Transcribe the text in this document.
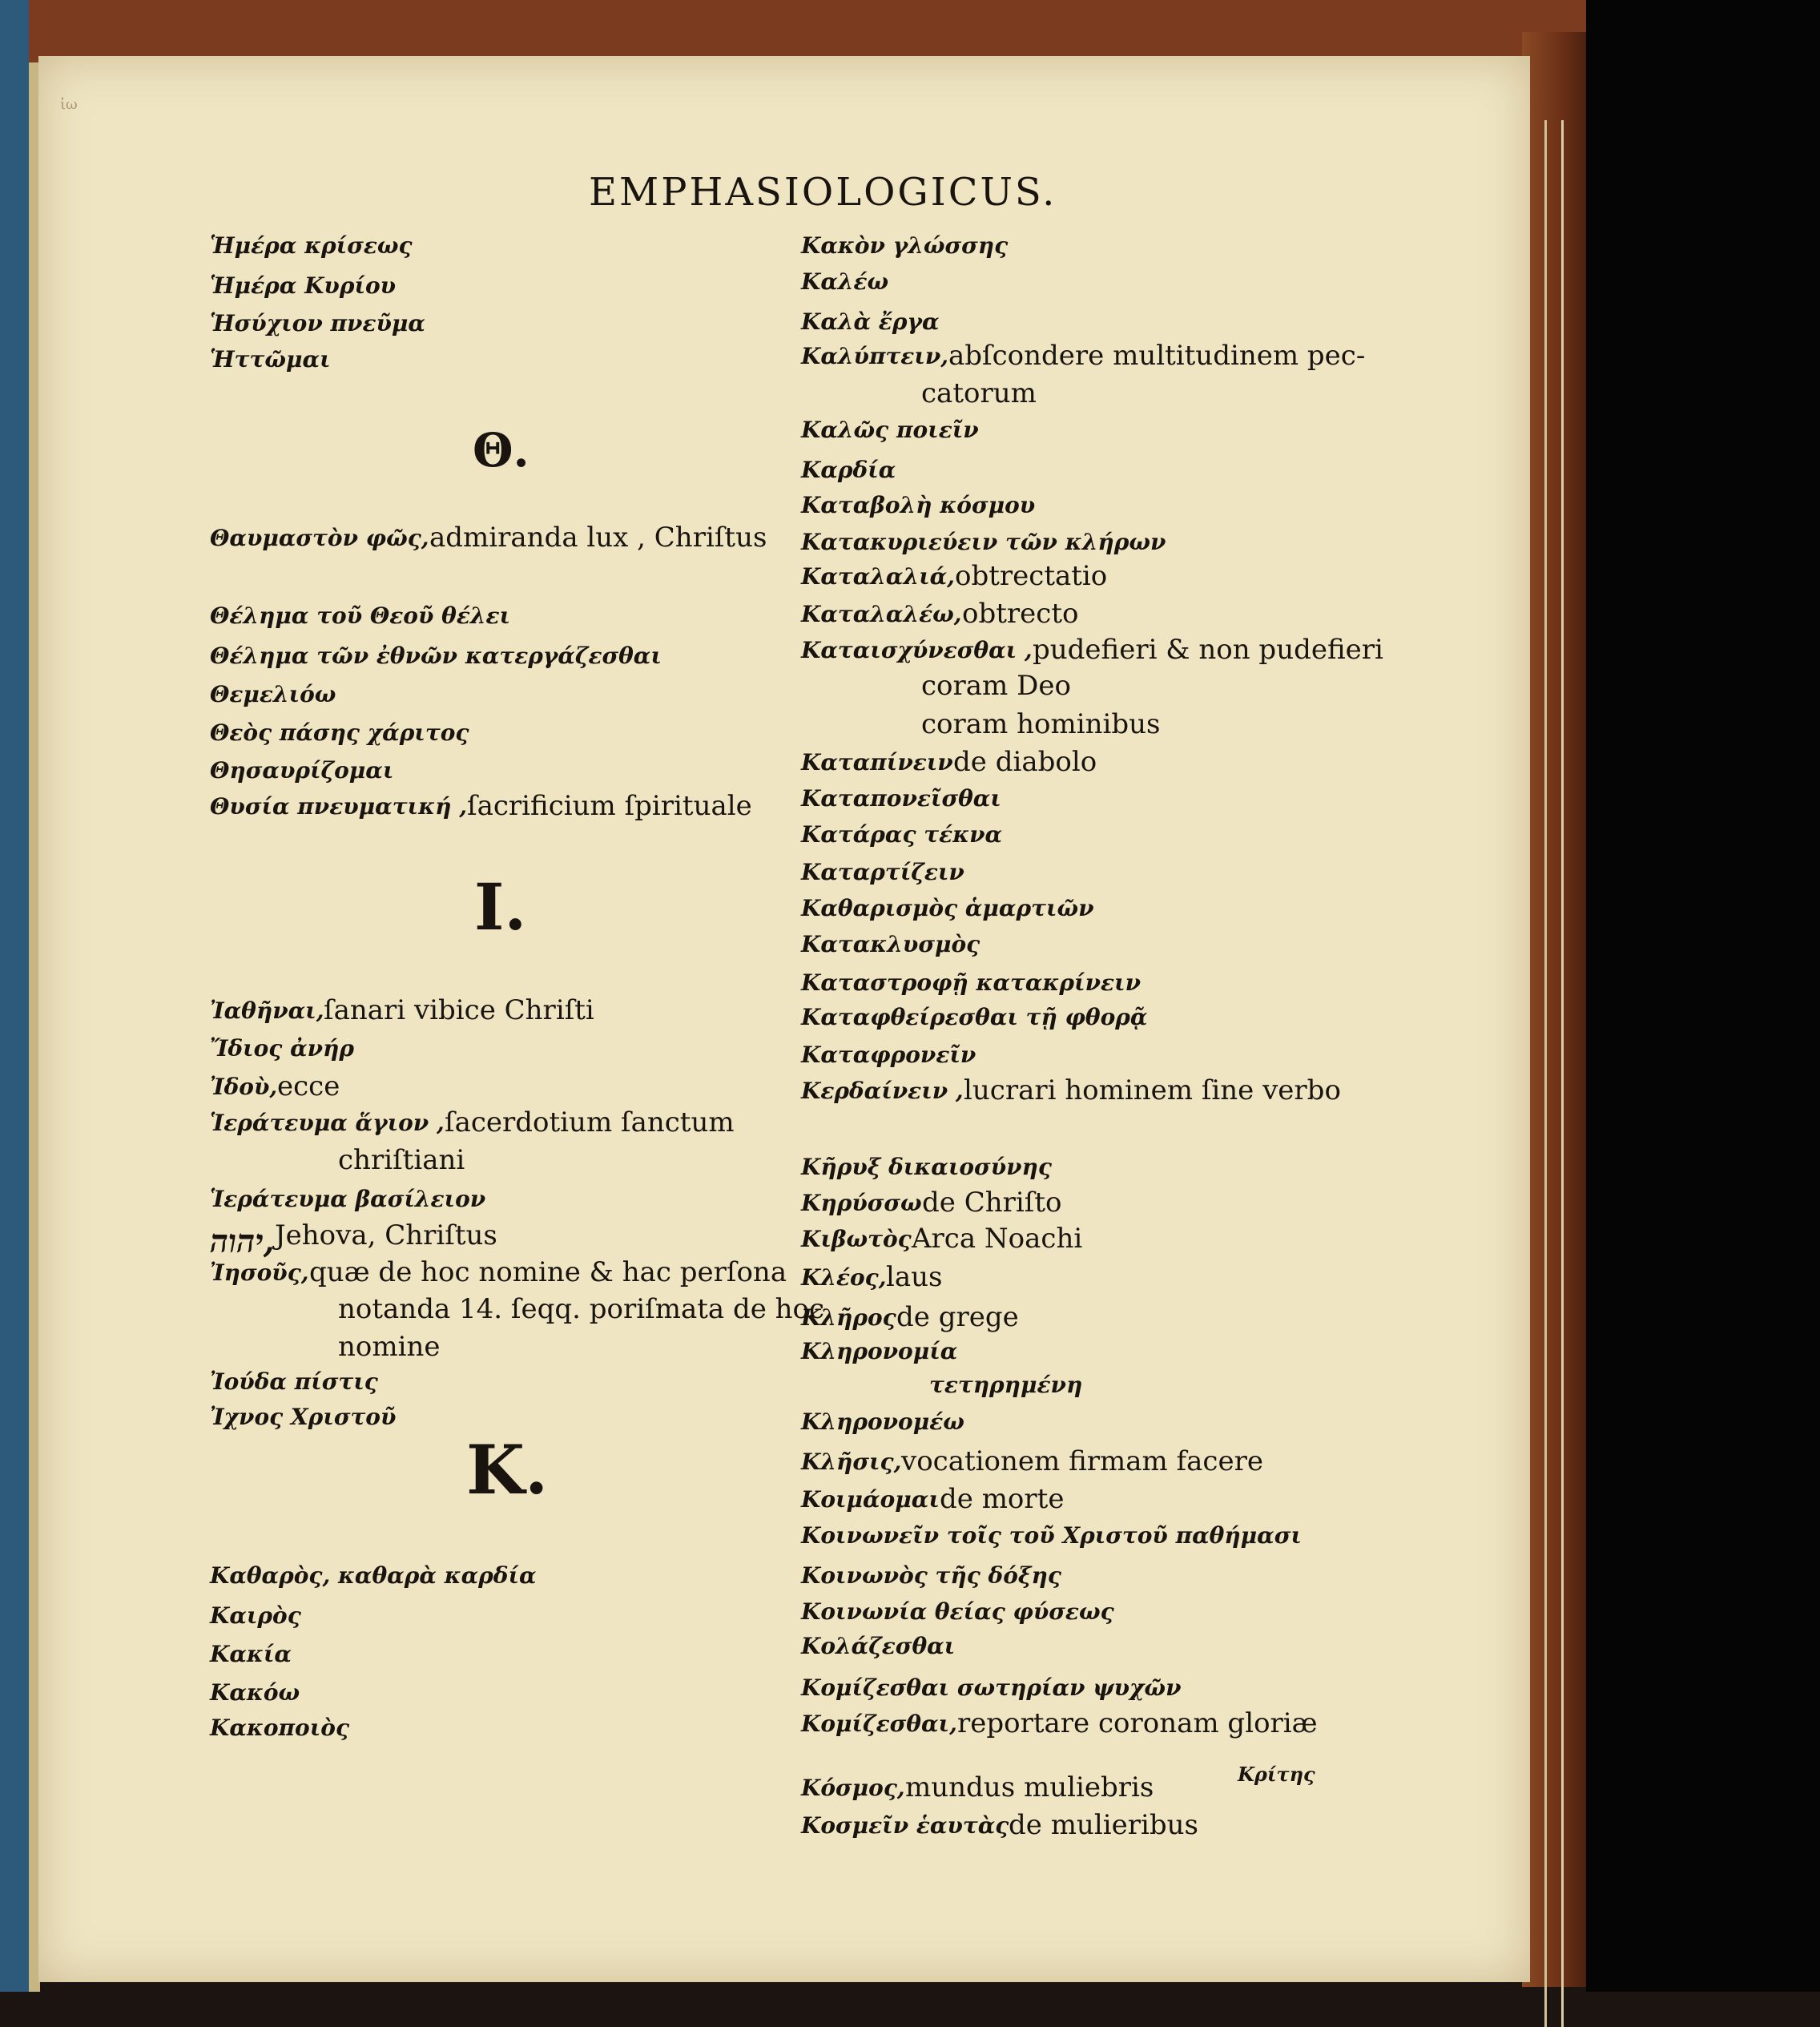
ἰω
EMPHASIOLOGICUS.
Θ.
I.
K.
Ἡμέρα κρίσεως
Ἡμέρα Κυρίου
Ἡσύχιον πνεῦμα
Ἡττῶμαι
Θαυμαστὸν φῶς, admiranda lux , Chriſtus
Θέλημα τοῦ Θεοῦ θέλει
Θέλημα τῶν ἐθνῶν κατεργάζεσθαι
Θεμελιόω
Θεὸς πάσης χάριτος
Θησαυρίζομαι
Θυσία πνευματική , ſacrificium ſpirituale
Ἰαθῆναι, ſanari vibice Chriſti
Ἴδιος ἀνήρ
Ἰδοὺ, ecce
Ἱεράτευμα ἅγιον , ſacerdotium ſanctum
chriſtiani
Ἱεράτευμα βασίλειον
יהוה, Jehova, Chriſtus
Ἰησοῦς, quæ de hoc nomine & hac perſona
notanda 14. ſeqq. poriſmata de hoc
nomine
Ἰούδα πίστις
Ἰχνος Χριστοῦ
Καθαρὸς, καθαρὰ καρδία
Καιρὸς
Κακία
Κακόω
Κακοποιὸς
Κακὸν γλώσσης
Καλέω
Καλὰ ἔργα
Καλύπτειν, abſcondere multitudinem pec-
catorum
Καλῶς ποιεῖν
Καρδία
Καταβολὴ κόσμου
Κατακυριεύειν τῶν κλήρων
Καταλαλιά, obtrectatio
Καταλαλέω, obtrecto
Καταισχύνεσθαι , pudefieri & non pudefieri
coram Deo
coram hominibus
Καταπίνειν de diabolo
Καταπονεῖσθαι
Κατάρας τέκνα
Καταρτίζειν
Καθαρισμὸς ἁμαρτιῶν
Κατακλυσμὸς
Καταστροφῇ κατακρίνειν
Καταφθείρεσθαι τῇ φθορᾷ
Καταφρονεῖν
Κερδαίνειν , lucrari hominem ſine verbo
Κῆρυξ δικαιοσύνης
Κηρύσσω de Chriſto
Κιβωτὸς Arca Noachi
Κλέος, laus
Κλῆρος de grege
Κληρονομία
τετηρημένη
Κληρονομέω
Κλῆσις, vocationem firmam facere
Κοιμάομαι de morte
Κοινωνεῖν τοῖς τοῦ Χριστοῦ παθήμασι
Κοινωνὸς τῆς δόξης
Κοινωνία θείας φύσεως
Κολάζεσθαι
Κομίζεσθαι σωτηρίαν ψυχῶν
Κομίζεσθαι, reportare coronam gloriæ
Κόσμος, mundus muliebris
Κοσμεῖν ἑαυτὰς de mulieribus
Κρίτης
